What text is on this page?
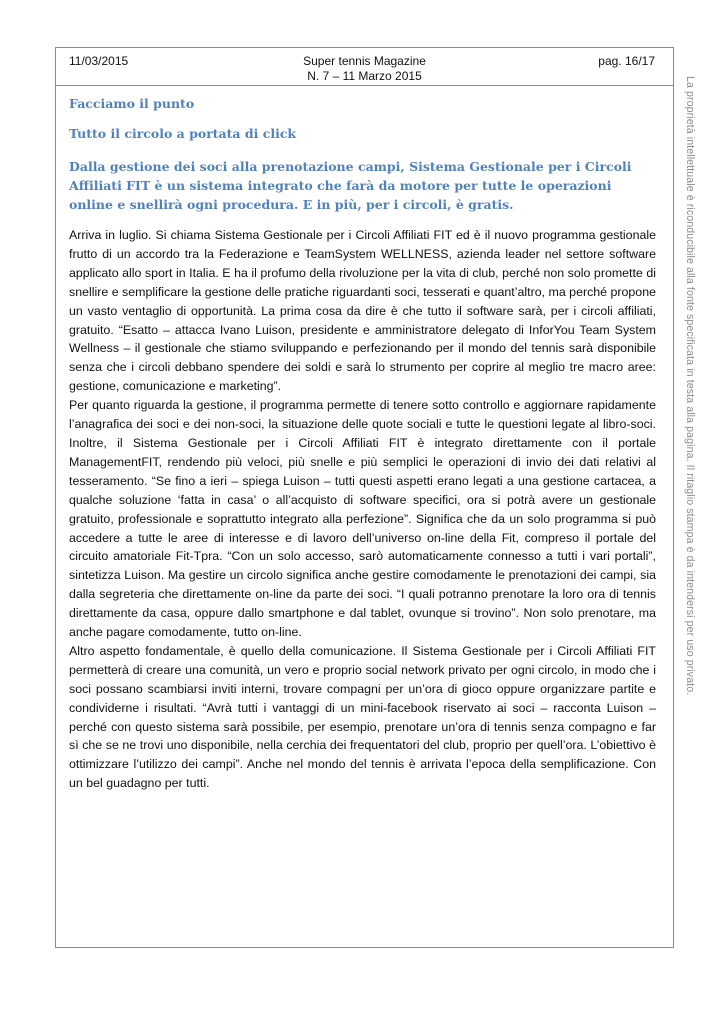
11/03/2015	Super tennis Magazine
N. 7 – 11 Marzo 2015
pag. 16/17

Facciamo il punto

Tutto il circolo a portata di click

Dalla gestione dei soci alla prenotazione campi, Sistema Gestionale per i Circoli Affiliati FIT è un sistema integrato che farà da motore per tutte le operazioni online e snellirà ogni procedura. E in più, per i circoli, è gratis.

Arriva in luglio. Si chiama Sistema Gestionale per i Circoli Affiliati FIT ed è il nuovo programma gestionale frutto di un accordo tra la Federazione e TeamSystem WELLNESS, azienda leader nel settore software applicato allo sport in Italia. E ha il profumo della rivoluzione per la vita di club, perché non solo promette di snellire e semplificare la gestione delle pratiche riguardanti soci, tesserati e quant’altro, ma perché propone un vasto ventaglio di opportunità. La prima cosa da dire è che tutto il software sarà, per i circoli affiliati, gratuito. “Esatto – attacca Ivano Luison, presidente e amministratore delegato di InforYou Team System Wellness – il gestionale che stiamo sviluppando e perfezionando per il mondo del tennis sarà disponibile senza che i circoli debbano spendere dei soldi e sarà lo strumento per coprire al meglio tre macro aree: gestione, comunicazione e marketing”.

Per quanto riguarda la gestione, il programma permette di tenere sotto controllo e aggiornare rapidamente l’anagrafica dei soci e dei non-soci, la situazione delle quote sociali e tutte le questioni legate al libro-soci. Inoltre, il Sistema Gestionale per i Circoli Affiliati FIT è integrato direttamente con il portale ManagementFIT, rendendo più veloci, più snelle e più semplici le operazioni di invio dei dati relativi al tesseramento. “Se fino a ieri – spiega Luison – tutti questi aspetti erano legati a una gestione cartacea, a qualche soluzione ‘fatta in casa’ o all’acquisto di software specifici, ora si potrà avere un gestionale gratuito, professionale e soprattutto integrato alla perfezione”. Significa che da un solo programma si può accedere a tutte le aree di interesse e di lavoro dell’universo on-line della Fit, compreso il portale del circuito amatoriale Fit-Tpra. “Con un solo accesso, sarò automaticamente connesso a tutti i vari portali”, sintetizza Luison. Ma gestire un circolo significa anche gestire comodamente le prenotazioni dei campi, sia dalla segreteria che direttamente on-line da parte dei soci. “I quali potranno prenotare la loro ora di tennis direttamente da casa, oppure dallo smartphone e dal tablet, ovunque si trovino”. Non solo prenotare, ma anche pagare comodamente, tutto on-line.

Altro aspetto fondamentale, è quello della comunicazione. Il Sistema Gestionale per i Circoli Affiliati FIT permetterà di creare una comunità, un vero e proprio social network privato per ogni circolo, in modo che i soci possano scambiarsi inviti interni, trovare compagni per un’ora di gioco oppure organizzare partite e condividerne i risultati. “Avrà tutti i vantaggi di un mini-facebook riservato ai soci – racconta Luison – perché con questo sistema sarà possibile, per esempio, prenotare un’ora di tennis senza compagno e far sì che se ne trovi uno disponibile, nella cerchia dei frequentatori del club, proprio per quell’ora. L’obiettivo è ottimizzare l’utilizzo dei campi”. Anche nel mondo del tennis è arrivata l’epoca della semplificazione. Con un bel guadagno per tutti.

La proprietà intellettuale è riconducibile alla fonte specificata in testa alla pagina. Il ritaglio stampa è da intendersi per uso privato.
